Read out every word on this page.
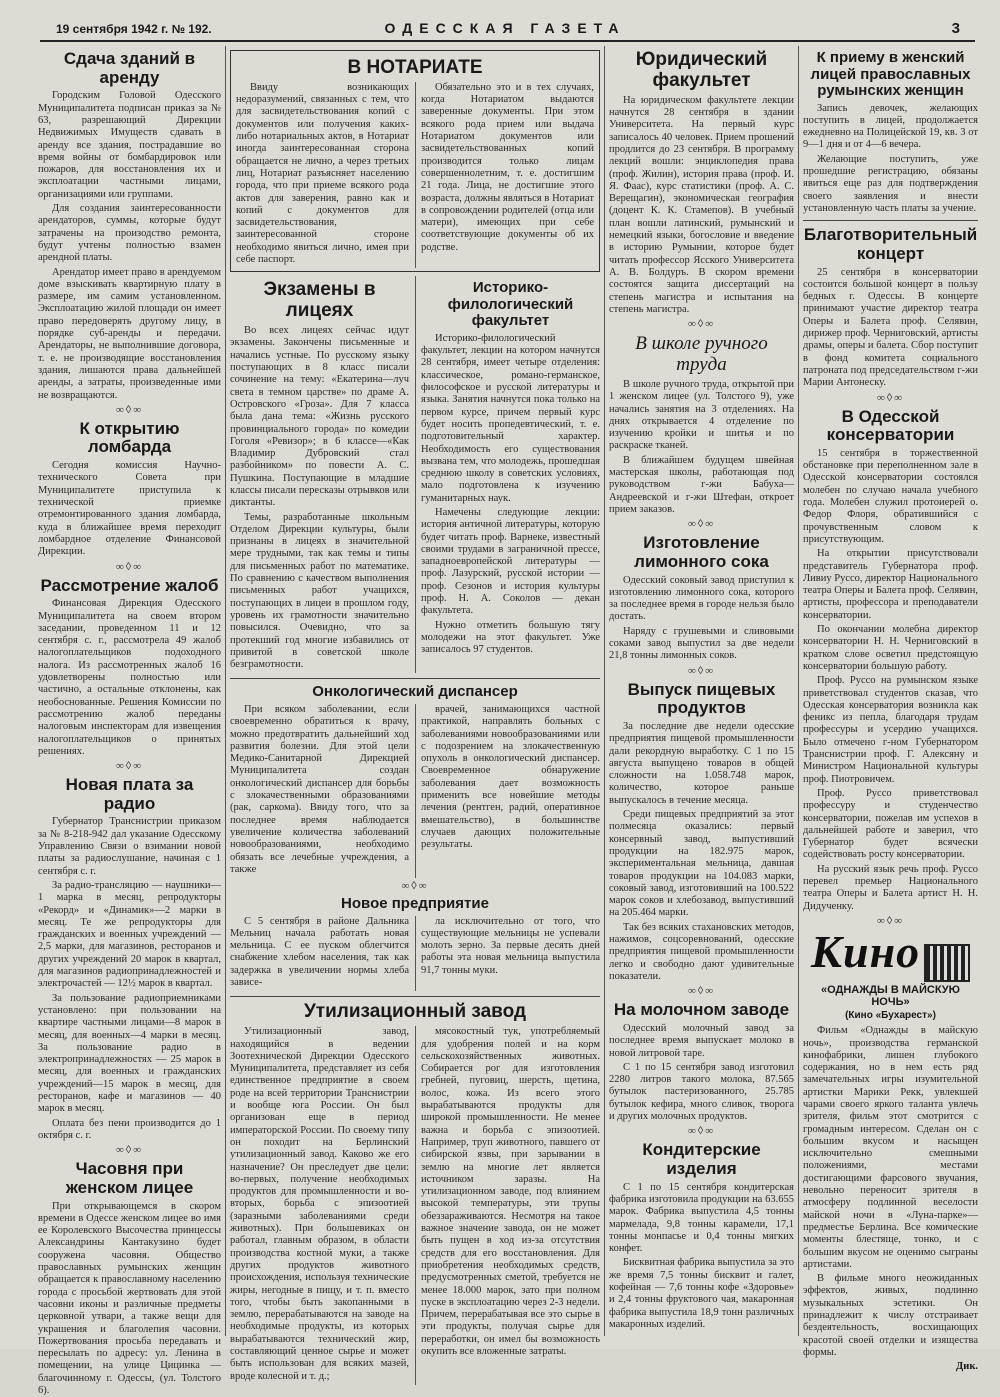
19 сентября 1942 г. № 192.	ОДЕССКАЯ ГАЗЕТА	3
Сдача зданий в аренду

Городским Головой Одесского Муниципалитета подписан приказ за № 63, разрешающий Дирекции Недвижимых Имуществ сдавать в аренду все здания, пострадавшие во время войны от бомбардировок или пожаров, для восстановления их и эксплоатации частными лицами, организациями или группами.

Для создания заинтересованности арендаторов, суммы, которые будут затрачены на произодство ремонта, будут учтены полностью взамен арендной платы.

Арендатор имеет право в арендуемом доме взыскивать квартирную плату в размере, им самим установленном. Эксплоатацию жилой площади он имеет право передоверять другому лицу, в порядке суб-аренды и передачи. Арендаторы, не выполнившие договора, т. е. не производящие восстановления здания, лишаются права дальнейшей аренды, а затраты, произведенные ими не возвращаются.

∞◊∞
К открытию ломбарда

Сегодня комиссия Научно-технического Совета при Муниципалитете приступила к технической приемке отремонтированного здания ломбарда, куда в ближайшее время переходит ломбардное отделение Финансовой Дирекции.

∞◊∞
Рассмотрение жалоб

Финансовая Дирекция Одесского Муниципалитета на своем втором заседании, проведенном 11 и 12 сентября с. г., рассмотрела 49 жалоб налогоплательщиков подоходного налога. Из рассмотренных жалоб 16 удовлетворены полностью или частично, а остальные отклонены, как необоснованные. Решения Комиссии по рассмотрению жалоб переданы налоговым инспекторам для извещения налогоплательщиков о принятых решениях.

∞◊∞
Новая плата за радио

Губернатор Транснистрии приказом за № 8-218-942 дал указание Одесскому Управлению Связи о взимании новой платы за радиослушание, начиная с 1 сентября с. г.

За радио-трансляцию — наушники—1 марка в месяц, репродукторы «Рекорд» и «Динамик»—2 марки в месяц. Те же репродукторы для гражданских и военных учреждений — 2,5 марки, для магазинов, ресторанов и других учреждений 20 марок в квартал, для магазинов радиопринадлежностей и электрочастей — 12½ марок в квартал.

За пользование радиоприемниками установлено: при пользовании на квартире частными лицами—8 марок в месяц, для военных—4 марки в месяц. За пользование радио в электропринадлежностях — 25 марок в месяц, для военных и гражданских учреждений—15 марок в месяц, для ресторанов, кафе и магазинов — 40 марок в месяц.

Оплата без пени производится до 1 октября с. г.

∞◊∞
Часовня при женском лицее

При открывающемся в скором времени в Одессе женском лицее во имя ее Королевского Высочества принцессы Александрины Кантакузино будет сооружена часовня. Общество православных румынских женщин обращается к православному населению города с просьбой жертвовать для этой часовни иконы и различные предметы церковной утвари, а также вещи для украшения и благолепия часовни. Пожертвования просьба передавать и пересылать по адресу: ул. Ленина в помещении, на улице Цицинка — благочинному г. Одессы, (ул. Толстого 6).

В НОТАРИАТЕ

Ввиду возникающих недоразумений, связанных с тем, что для засвидетельствования копий с документов или получения каких-либо нотариальных актов, в Нотариат иногда заинтересованная сторона обращается не лично, а через третьих лиц, Нотариат разъясняет населению города, что при приеме всякого рода актов для заверения, равно как и копий с документов для засвидетельствования, заинтересованной стороне необходимо явиться лично, имея при себе паспорт.

Обязательно это и в тех случаях, когда Нотариатом выдаются заверенные документы. При этом всякого рода прием или выдача Нотариатом документов или засвидетельствованных копий производится только лицам совершеннолетним, т. е. достигшим 21 года. Лица, не достигшие этого возраста, должны являться в Нотариат в сопровождении родителей (отца или матери), имеющих при себе соответствующие документы об их родстве.

Экзамены в лицеях

Во всех лицеях сейчас идут экзамены. Закончены письменные и начались устные. По русскому языку поступающих в 8 класс писали сочинение на тему: «Екатерина—луч света в темном царстве» по драме А. Островского «Гроза». Для 7 класса была дана тема: «Жизнь русского провинциального города» по комедии Гоголя «Ревизор»; в 6 классе—«Как Владимир Дубровский стал разбойником» по повести А. С. Пушкина. Поступающие в младшие классы писали пересказы отрывков или диктанты.

Темы, разработанные школьным Отделом Дирекции культуры, были признаны в лицеях в значительной мере трудными, так как темы и типы для письменных работ по математике. По сравнению с качеством выполнения письменных работ учащихся, поступающих в лицеи в прошлом году, уровень их грамотности значительно повысился. Очевидно, что за протекший год многие избавились от привитой в советской школе безграмотности.

Историко-филологический факультет

Историко-филологический факультет, лекции на котором начнутся 28 сентября, имеет четыре отделения: классическое, романо-германское, философское и русской литературы и языка. Занятия начнутся пока только на первом курсе, причем первый курс будет носить пропедевтический, т. е. подготовительный характер. Необходимость его существования вызвана тем, что молодежь, прошедшая среднюю школу в советских условиях, мало подготовлена к изучению гуманитарных наук.

Намечены следующие лекции: история античной литературы, которую будет читать проф. Варнеке, известный своими трудами в заграничной прессе, западноевропейской литературы — проф. Лазурский, русской истории — проф. Сезонов и история культуры проф. Н. А. Соколов — декан факультета.

Нужно отметить большую тягу молодежи на этот факультет. Уже записалось 97 студентов.

Онкологический диспансер

При всяком заболевании, если своевременно обратиться к врачу, можно предотвратить дальнейший ход развития болезни. Для этой цели Медико-Санитарной Дирекцией Муниципалитета создан онкологический диспансер для борьбы с злокачественными образованиями (рак, саркома). Ввиду того, что за последнее время наблюдается увеличение количества заболеваний новообразованиями, необходимо обязать все лечебные учреждения, а также

врачей, занимающихся частной практикой, направлять больных с заболеваниями новообразованиями или с подозрением на злокачественную опухоль в онкологический диспансер. Своевременное обнаружение заболевания дает возможность применить все новейшие методы лечения (рентген, радий, оперативное вмешательство), в большинстве случаев дающих положительные результаты.

∞◊∞
Новое предприятие

С 5 сентября в районе Дальника Мельниц начала работать новая мельница. С ее пуском облегчится снабжение хлебом населения, так как задержка в увеличении нормы хлеба зависе-

ла исключительно от того, что существующие мельницы не успевали молоть зерно. За первые десять дней работы эта новая мельница выпустила 91,7 тонны муки.

Утилизационный завод

Утилизационный завод, находящийся в ведении Зоотехнической Дирекции Одесского Муниципалитета, представляет из себя единственное предприятие в своем роде на всей территории Транснистрии и вообще юга России. Он был организован еще в период императорской России. По своему типу он походит на Берлинский утилизационный завод. Каково же его назначение? Он преследует две цели: во-первых, получение необходимых продуктов для промышленности и во-вторых, борьба с эпизоотией (заразными заболеваниями среди животных). При большевиках он работал, главным образом, в области производства костной муки, а также других продуктов животного происхождения, используя технические жиры, негодные в пищу, и т. п. вместо того, чтобы быть закопанными в землю, перерабатываются на заводе на необходимые продукты, из которых вырабатываются технический жир, составляющий ценное сырье и может быть использован для всяких мазей, вроде колесной и т. д.;

мясокостный тук, употребляемый для удобрения полей и на корм сельскохозяйственных животных. Собирается рог для изготовления гребней, пуговиц, шерсть, щетина, волос, кожа. Из всего этого вырабатываются продукты для широкой промышленности. Не менее важна и борьба с эпизоотией. Например, труп животного, павшего от сибирской язвы, при зарывании в землю на многие лет является источником заразы. На утилизационном заводе, под влиянием высокой температуры, эти трупы обеззараживаются. Несмотря на такое важное значение завода, он не может быть пущен в ход из-за отсутствия средств для его восстановления. Для приобретения необходимых средств, предусмотренных сметой, требуется не менее 18.000 марок, зато при полном пуске в эксплоатацию через 2-3 недели. Причем, перерабатывая все это сырье в эти продукты, получая сырье для переработки, он имел бы возможность окупить все вложенные затраты.

Юридический факультет

На юридическом факультете лекции начнутся 28 сентября в здании Университета. На первый курс записалось 40 человек. Прием прошений продлится до 23 сентября. В программу лекций вошли: энциклопедия права (проф. Жилин), история права (проф. И. Я. Фаас), курс статистики (проф. А. С. Верещагин), экономическая география (доцент К. К. Стамепов). В учебный план вошли латинский, румынский и немецкий языки, богословие и введение в историю Румынии, которое будет читать профессор Ясского Университета А. В. Болдуръ. В скором времени состоятся защита диссертаций на степень магистра и испытания на степень магистра.

∞◊∞
В школе ручного труда

В школе ручного труда, открытой при 1 женском лицее (ул. Толстого 9), уже начались занятия на 3 отделениях. На днях открывается 4 отделение по изучению кройки и шитья и по раскраске тканей.

В ближайшем будущем швейная мастерская школы, работающая под руководством г-жи Бабуха—Андреевской и г-жи Штефан, откроет прием заказов.

∞◊∞
Изготовление лимонного сока

Одесский соковый завод приступил к изготовлению лимонного сока, которого за последнее время в городе нельзя было достать.

Наряду с грушевыми и сливовыми соками завод выпустил за две недели 21,8 тонны лимонных соков.

∞◊∞
Выпуск пищевых продуктов

За последние две недели одесские предприятия пищевой промышленности дали рекордную выработку. С 1 по 15 августа выпущено товаров в общей сложности на 1.058.748 марок, количество, которое раньше выпускалось в течение месяца.

Среди пищевых предприятий за этот полмесяца оказались: первый консервный завод, выпустивший продукции на 182.975 марок, экспериментальная мельница, давшая товаров продукции на 104.083 марки, соковый завод, изготовивший на 100.522 марок соков и хлебозавод, выпустивший на 205.464 марки.

Так без всяких стахановских методов, нажимов, соцсоревнований, одесские предприятия пищевой промышленности легко и свободно дают удивительные показатели.

∞◊∞
На молочном заводе

Одесский молочный завод за последнее время выпускает молоко в новой литровой таре.

С 1 по 15 сентября завод изготовил 2280 литров такого молока, 87.565 бутылок пастеризованного, 25.785 бутылок кефира, много сливок, творога и других молочных продуктов.

∞◊∞
Кондитерские изделия

С 1 по 15 сентября кондитерская фабрика изготовила продукции на 63.655 марок. Фабрика выпустила 4,5 тонны мармелада, 9,8 тонны карамели, 17,1 тонны монпасье и 0,4 тонны мягких конфет.

Бисквитная фабрика выпустила за это же время 7,5 тонны бисквит и галет, кофейная — 7,6 тонны кофе «Здоровье» и 2,4 тонны фруктового чая, макаронная фабрика выпустила 18,9 тонн различных макаронных изделий.

К приему в женский лицей православных румынских женщин

Запись девочек, желающих поступить в лицей, продолжается ежедневно на Полицейской 19, кв. 3 от 9—1 дня и от 4—6 вечера.

Желающие поступить, уже прошедшие регистрацию, обязаны явиться еще раз для подтверждения своего заявления и внести установленную часть платы за учение.

Благотворительный концерт

25 сентября в консерватории состоится большой концерт в пользу бедных г. Одессы. В концерте принимают участие директор театра Оперы и Балета проф. Селявин, дирижер проф. Черниговский, артисты драмы, оперы и балета. Сбор поступит в фонд комитета социального патроната под председательством г-жи Марии Антонеску.

∞◊∞
В Одесской консерватории

15 сентября в торжественной обстановке при переполненном зале в Одесской консерватории состоялся молебен по случаю начала учебного года. Молебен служил протоиерей о. Федор Флоря, обратившийся с прочувственным словом к присутствующим.

На открытии присутствовали представитель Губернатора проф. Ливиу Руссо, директор Национального театра Оперы и Балета проф. Селявин, артисты, профессора и преподаватели консерватории.

По окончании молебна директор консерватории Н. Н. Черниговский в кратком слове осветил предстоящую консерватории большую работу.

Проф. Руссо на румынском языке приветствовал студентов сказав, что Одесская консерватория возникла как феникс из пепла, благодаря трудам профессуры и усердию учащихся. Было отмечено г-ном Губернатором Транснистрии проф. Г. Алексяну и Министром Национальной культуры проф. Пиотровичем.

Проф. Руссо приветствовал профессуру и студенчество консерватории, пожелав им успехов в дальнейшей работе и заверил, что Губернатор будет всячески содействовать росту консерватории.

На русский язык речь проф. Руссо перевел премьер Национального театра Оперы и Балета артист Н. Н. Дидученку.

∞◊∞
Кино
«ОДНАЖДЫ В МАЙСКУЮ НОЧЬ»
(Кино «Бухарест»)

Фильм «Однажды в майскую ночь», производства германской кинофабрики, лишен глубокого содержания, но в нем есть ряд замечательных игры изумительной артистки Марики Рекк, увлекшей чарами своего яркого таланта увлечь зрителя, фильм этот смотрится с громадным интересом. Сделан он с большим вкусом и насыщен исключительно смешными положениями, местами достигающими фарсового звучания, невольно переносит зрителя в атмосферу подлинной веселости майской ночи в «Луна-парке»—предместье Берлина. Все комические моменты блестяще, тонко, и с большим вкусом не оценимо сыграны артистами.

В фильме много неожиданных эффектов, живых, подлинно музыкальных эстетики. Он принадлежит к числу отстраивает бездеятельность, восхищающих красотой своей отделки и изящества формы.

Дик.
